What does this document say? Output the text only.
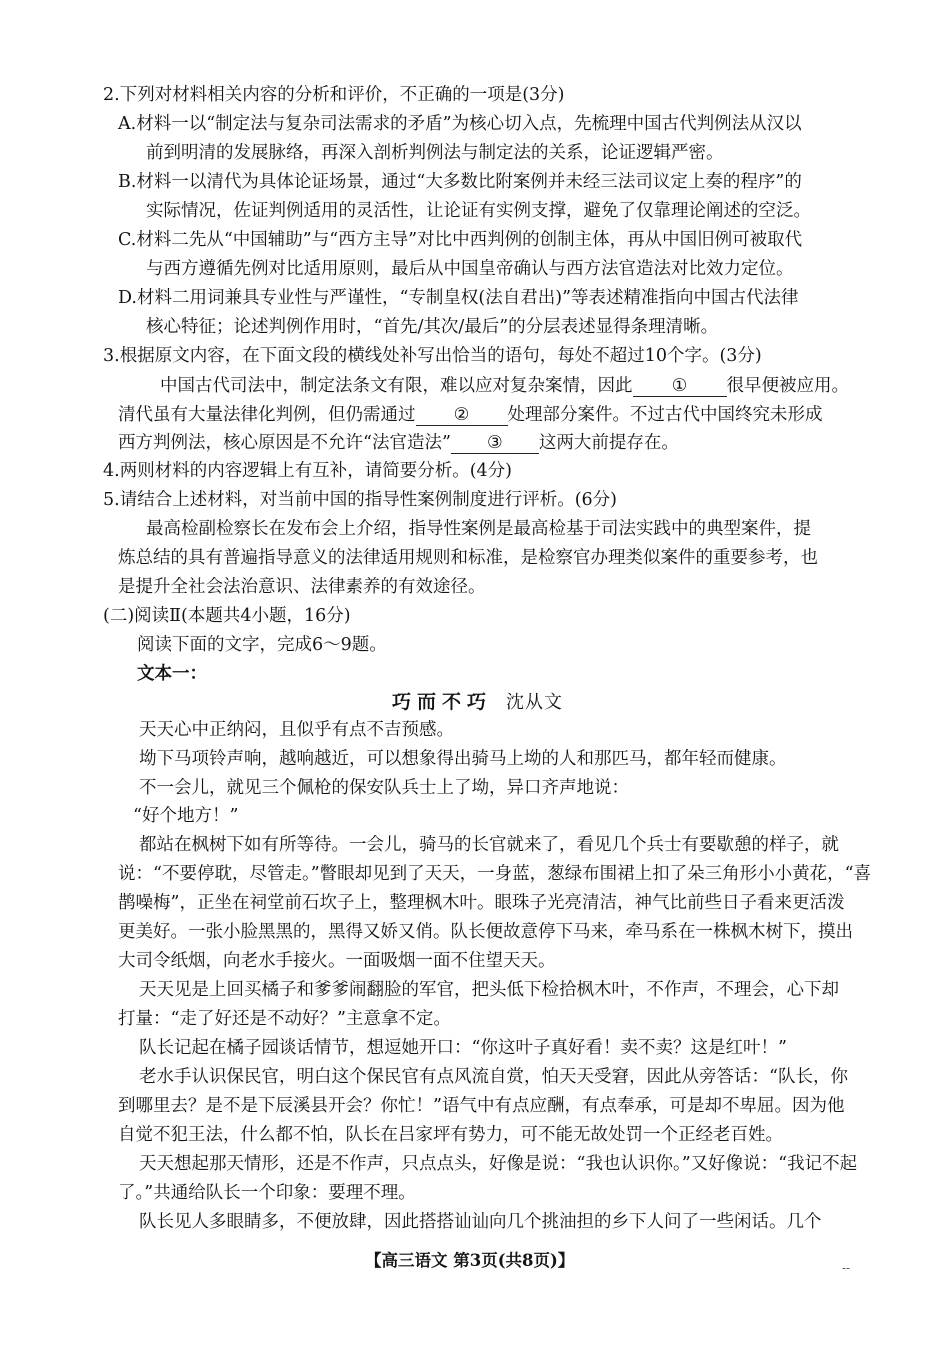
2.下列对材料相关内容的分析和评价，不正确的一项是(3分)
A.材料一以“制定法与复杂司法需求的矛盾”为核心切入点，先梳理中国古代判例法从汉以
前到明清的发展脉络，再深入剖析判例法与制定法的关系，论证逻辑严密。
B.材料一以清代为具体论证场景，通过“大多数比附案例并未经三法司议定上奏的程序”的
实际情况，佐证判例适用的灵活性，让论证有实例支撑，避免了仅靠理论阐述的空泛。
C.材料二先从“中国辅助”与“西方主导”对比中西判例的创制主体，再从中国旧例可被取代
与西方遵循先例对比适用原则，最后从中国皇帝确认与西方法官造法对比效力定位。
D.材料二用词兼具专业性与严谨性，“专制皇权(法自君出)”等表述精准指向中国古代法律
核心特征；论述判例作用时，“首先/其次/最后”的分层表述显得条理清晰。
3.根据原文内容，在下面文段的横线处补写出恰当的语句，每处不超过10个字。(3分)
中国古代司法中，制定法条文有限，难以应对复杂案情，因此 ① 很早便被应用。
清代虽有大量法律化判例，但仍需通过 ② 处理部分案件。不过古代中国终究未形成
西方判例法，核心原因是不允许“法官造法” ③ 这两大前提存在。
4.两则材料的内容逻辑上有互补，请简要分析。(4分)
5.请结合上述材料，对当前中国的指导性案例制度进行评析。(6分)
最高检副检察长在发布会上介绍，指导性案例是最高检基于司法实践中的典型案件，提
炼总结的具有普遍指导意义的法律适用规则和标准，是检察官办理类似案件的重要参考，也
是提升全社会法治意识、法律素养的有效途径。
(二)阅读Ⅱ(本题共4小题，16分)
阅读下面的文字，完成6～9题。
文本一：
巧而不巧 沈从文
天天心中正纳闷，且似乎有点不吉预感。
坳下马项铃声响，越响越近，可以想象得出骑马上坳的人和那匹马，都年轻而健康。
不一会儿，就见三个佩枪的保安队兵士上了坳，异口齐声地说：
“好个地方！”
都站在枫树下如有所等待。一会儿，骑马的长官就来了，看见几个兵士有要歇憩的样子，就
说：“不要停耽，尽管走。”瞥眼却见到了天天，一身蓝，葱绿布围裙上扣了朵三角形小小黄花，“喜
鹊噪梅”，正坐在祠堂前石坎子上，整理枫木叶。眼珠子光亮清洁，神气比前些日子看来更活泼
更美好。一张小脸黑黑的，黑得又娇又俏。队长便故意停下马来，牵马系在一株枫木树下，摸出
大司令纸烟，向老水手接火。一面吸烟一面不住望天天。
天天见是上回买橘子和爹爹闹翻脸的军官，把头低下检拾枫木叶，不作声，不理会，心下却
打量：“走了好还是不动好？”主意拿不定。
队长记起在橘子园谈话情节，想逗她开口：“你这叶子真好看！卖不卖？这是红叶！”
老水手认识保民官，明白这个保民官有点风流自赏，怕天天受窘，因此从旁答话：“队长，你
到哪里去？是不是下辰溪县开会？你忙！”语气中有点应酬，有点奉承，可是却不卑屈。因为他
自觉不犯王法，什么都不怕，队长在吕家坪有势力，可不能无故处罚一个正经老百姓。
天天想起那天情形，还是不作声，只点点头，好像是说：“我也认识你。”又好像说：“我记不起
了。”共通给队长一个印象：要理不理。
队长见人多眼睛多，不便放肆，因此搭搭讪讪向几个挑油担的乡下人问了一些闲话。几个
【高三语文 第3页(共8页)】	--
